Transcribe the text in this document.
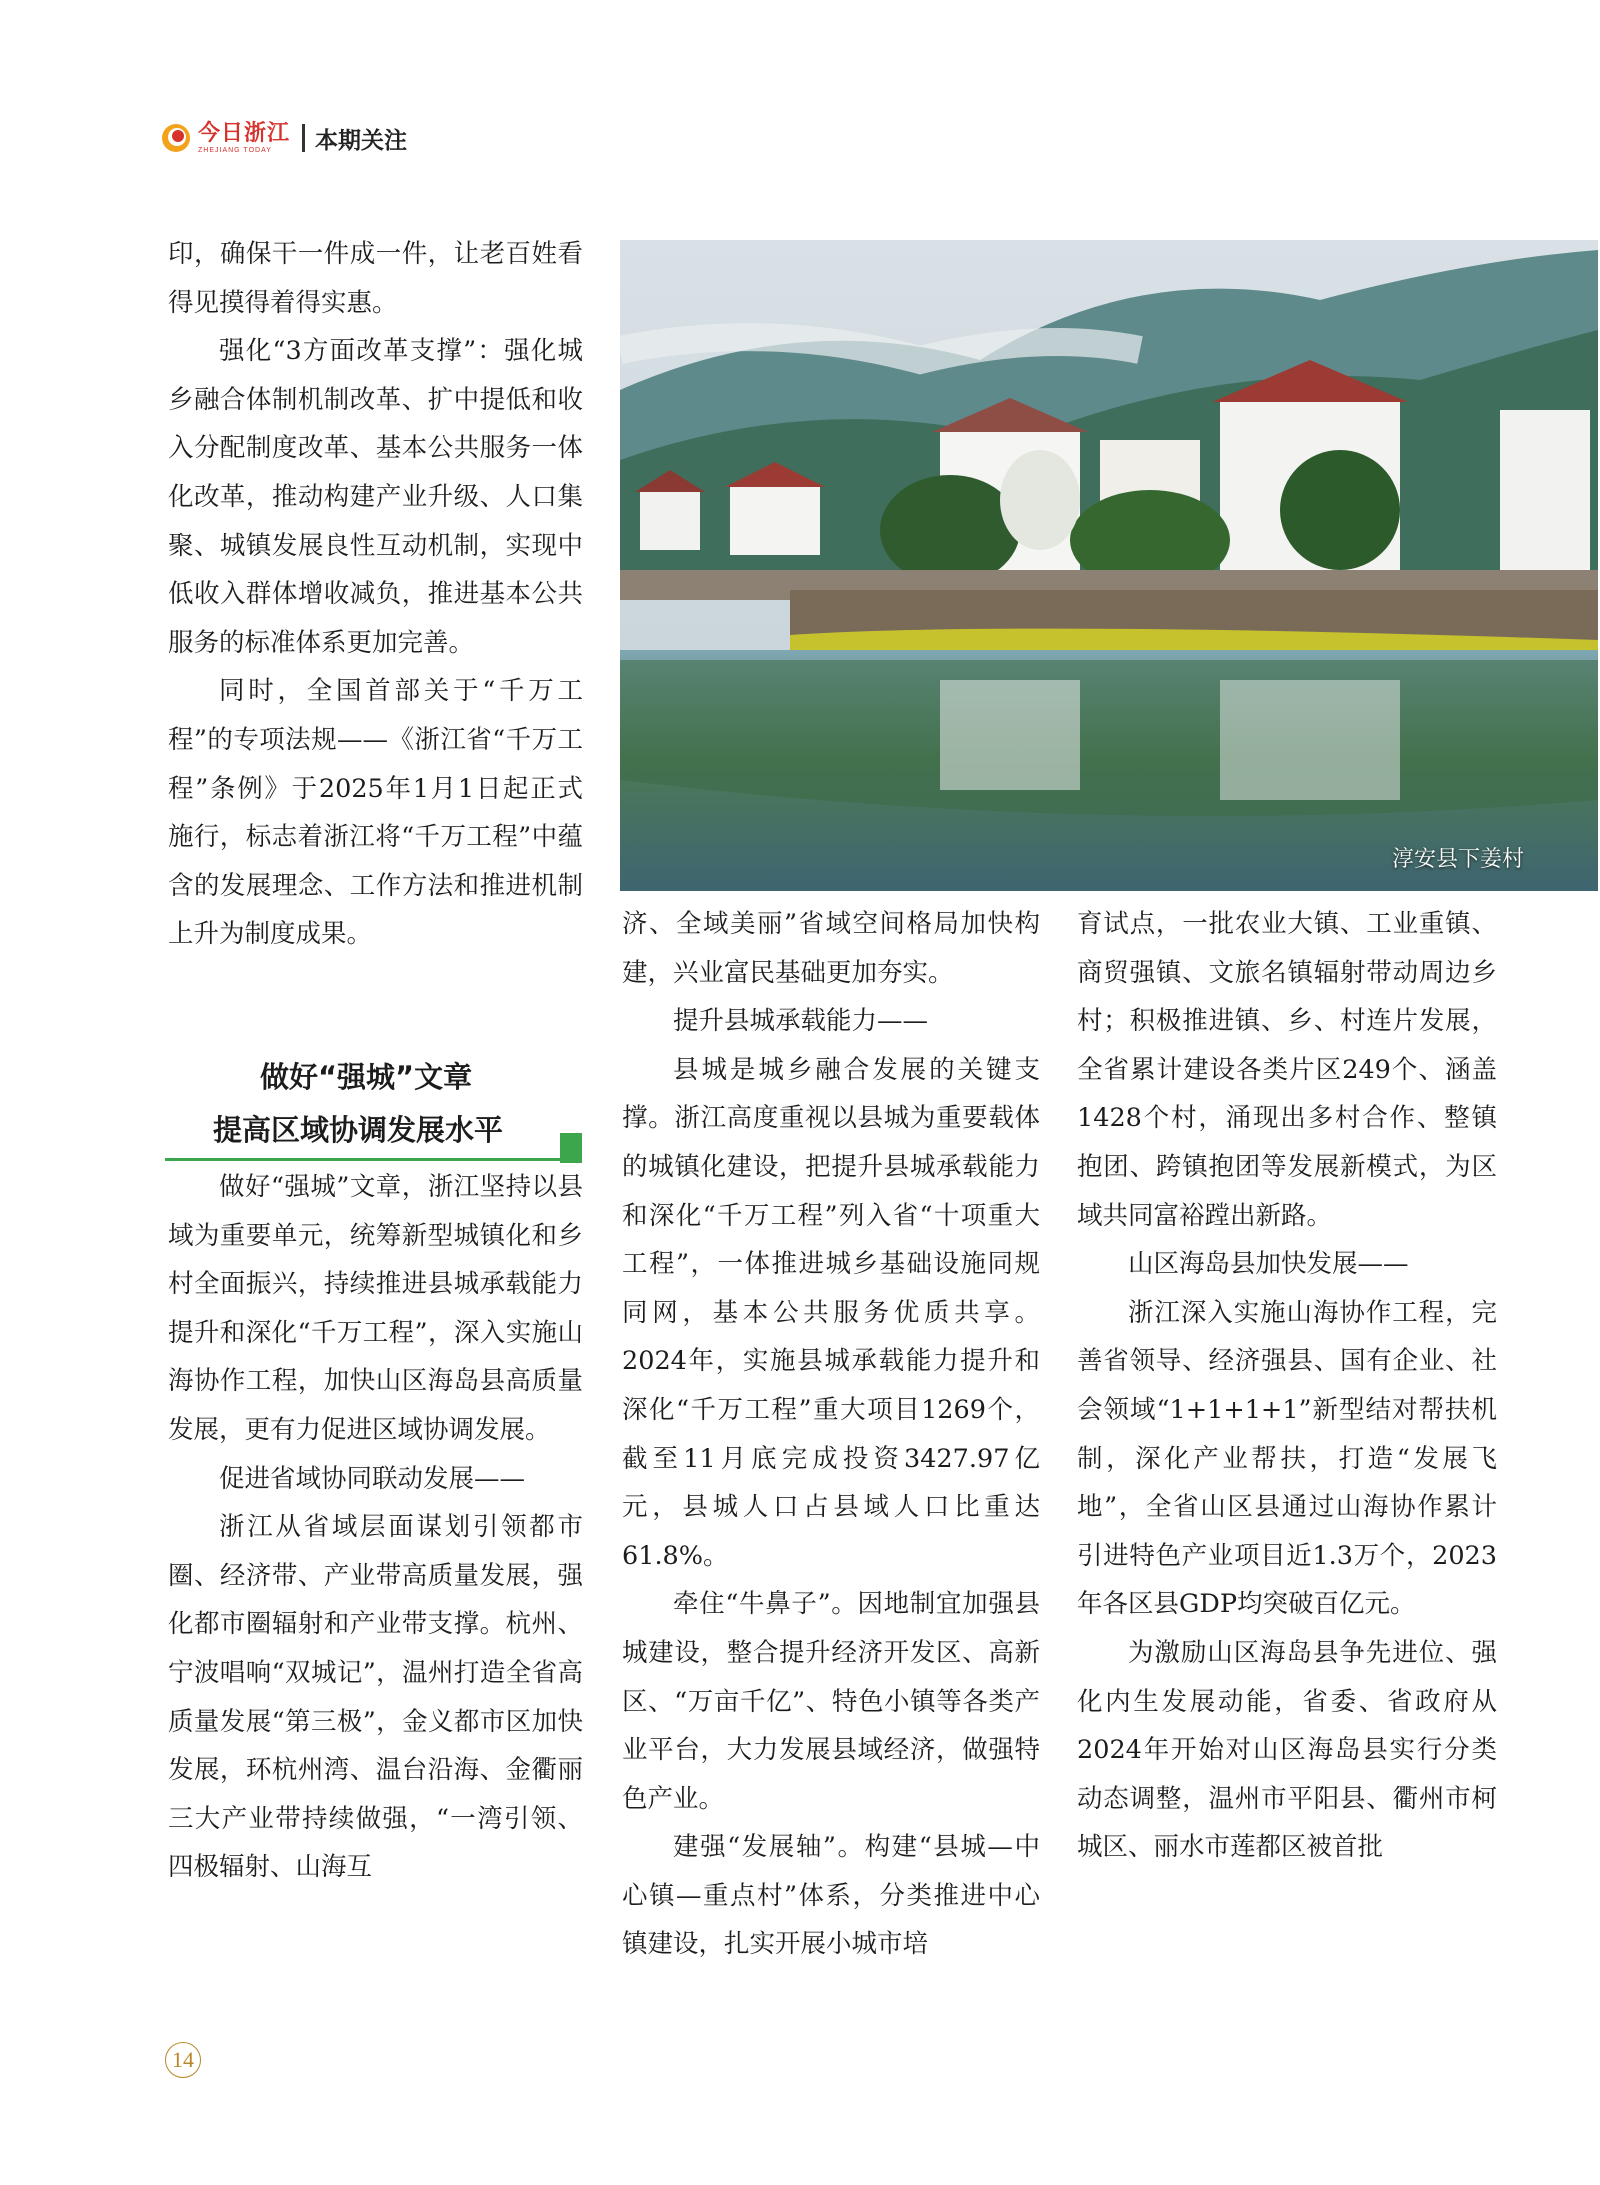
今日浙江
ZHEJIANG TODAY	本期关注

印，确保干一件成一件，让老百姓看得见摸得着得实惠。

强化“3方面改革支撑”：强化城乡融合体制机制改革、扩中提低和收入分配制度改革、基本公共服务一体化改革，推动构建产业升级、人口集聚、城镇发展良性互动机制，实现中低收入群体增收减负，推进基本公共服务的标准体系更加完善。

同时，全国首部关于“千万工程”的专项法规——《浙江省“千万工程”条例》于2025年1月1日起正式施行，标志着浙江将“千万工程”中蕴含的发展理念、工作方法和推进机制上升为制度成果。

淳安县下姜村
做好“强城”文章
提高区域协调发展水平

做好“强城”文章，浙江坚持以县域为重要单元，统筹新型城镇化和乡村全面振兴，持续推进县城承载能力提升和深化“千万工程”，深入实施山海协作工程，加快山区海岛县高质量发展，更有力促进区域协调发展。

促进省域协同联动发展——

浙江从省域层面谋划引领都市圈、经济带、产业带高质量发展，强化都市圈辐射和产业带支撑。杭州、宁波唱响“双城记”，温州打造全省高质量发展“第三极”，金义都市区加快发展，环杭州湾、温台沿海、金衢丽三大产业带持续做强，“一湾引领、四极辐射、山海互

济、全域美丽”省域空间格局加快构建，兴业富民基础更加夯实。

提升县城承载能力——

县城是城乡融合发展的关键支撑。浙江高度重视以县城为重要载体的城镇化建设，把提升县城承载能力和深化“千万工程”列入省“十项重大工程”，一体推进城乡基础设施同规同网，基本公共服务优质共享。2024年，实施县城承载能力提升和深化“千万工程”重大项目1269个，截至11月底完成投资3427.97亿元，县城人口占县域人口比重达61.8%。

牵住“牛鼻子”。因地制宜加强县城建设，整合提升经济开发区、高新区、“万亩千亿”、特色小镇等各类产业平台，大力发展县域经济，做强特色产业。

建强“发展轴”。构建“县城—中心镇—重点村”体系，分类推进中心镇建设，扎实开展小城市培

育试点，一批农业大镇、工业重镇、商贸强镇、文旅名镇辐射带动周边乡村；积极推进镇、乡、村连片发展，全省累计建设各类片区249个、涵盖1428个村，涌现出多村合作、整镇抱团、跨镇抱团等发展新模式，为区域共同富裕蹚出新路。

山区海岛县加快发展——

浙江深入实施山海协作工程，完善省领导、经济强县、国有企业、社会领域“1+1+1+1”新型结对帮扶机制，深化产业帮扶，打造“发展飞地”，全省山区县通过山海协作累计引进特色产业项目近1.3万个，2023年各区县GDP均突破百亿元。

为激励山区海岛县争先进位、强化内生发展动能，省委、省政府从2024年开始对山区海岛县实行分类动态调整，温州市平阳县、衢州市柯城区、丽水市莲都区被首批

14
